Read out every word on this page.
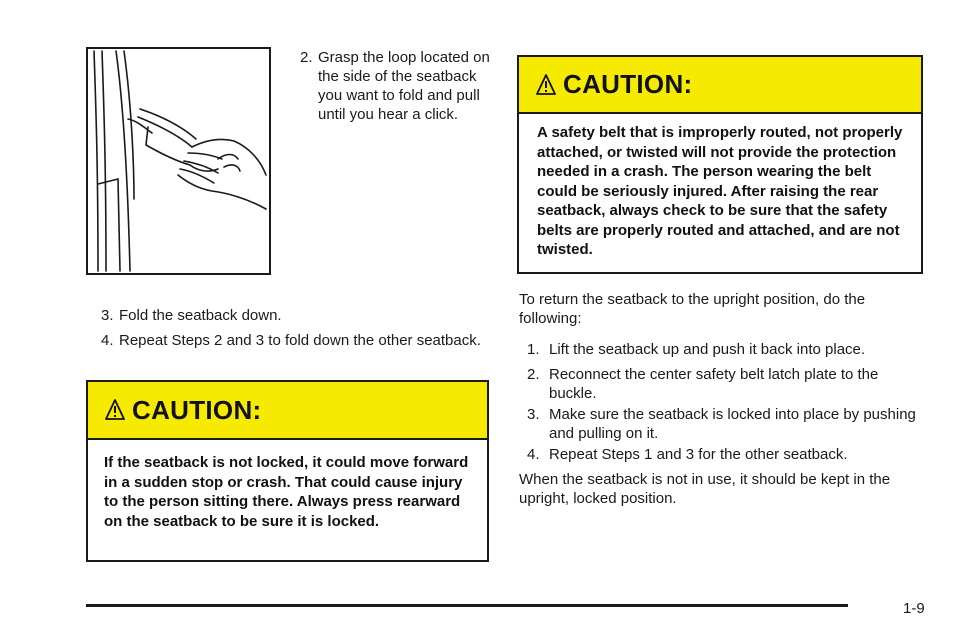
2. Grasp the loop located on the side of the seatback you want to fold and pull until you hear a click.
3. Fold the seatback down.
4. Repeat Steps 2 and 3 to fold down the other seatback.
CAUTION:
If the seatback is not locked, it could move forward in a sudden stop or crash. That could cause injury to the person sitting there. Always press rearward on the seatback to be sure it is locked.
CAUTION:
A safety belt that is improperly routed, not properly attached, or twisted will not provide the protection needed in a crash. The person wearing the belt could be seriously injured. After raising the rear seatback, always check to be sure that the safety belts are properly routed and attached, and are not twisted.
To return the seatback to the upright position, do the following:
1. Lift the seatback up and push it back into place.
2. Reconnect the center safety belt latch plate to the buckle.
3. Make sure the seatback is locked into place by pushing and pulling on it.
4. Repeat Steps 1 and 3 for the other seatback.
When the seatback is not in use, it should be kept in the upright, locked position.
1-9
